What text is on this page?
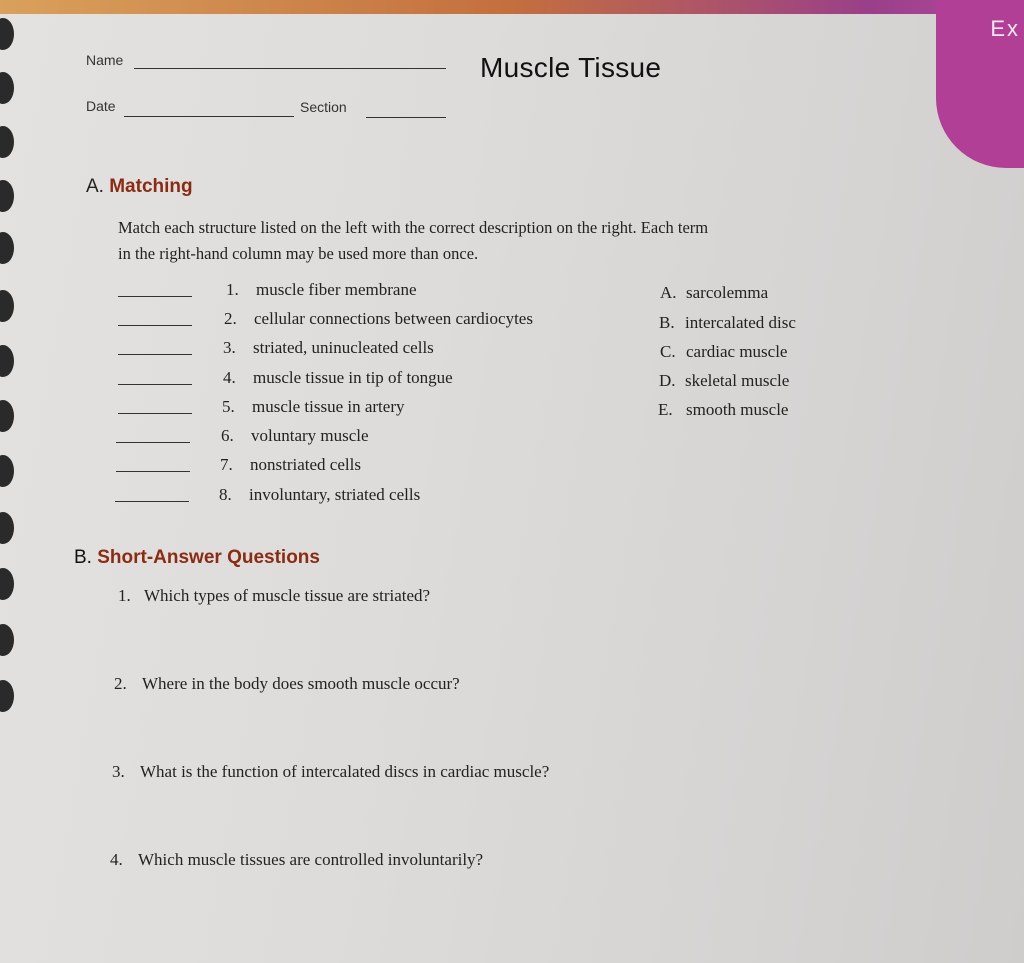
Ex
Name
Date	Section
Muscle Tissue
A. Matching
Match each structure listed on the left with the correct description on the right. Each term
in the right-hand column may be used more than once.
1. muscle fiber membrane
2. cellular connections between cardiocytes
3. striated, uninucleated cells
4. muscle tissue in tip of tongue
5. muscle tissue in artery
6. voluntary muscle
7. nonstriated cells
8. involuntary, striated cells
A. sarcolemma
B. intercalated disc
C. cardiac muscle
D. skeletal muscle
E. smooth muscle
B. Short-Answer Questions
1. Which types of muscle tissue are striated?
2. Where in the body does smooth muscle occur?
3. What is the function of intercalated discs in cardiac muscle?
4. Which muscle tissues are controlled involuntarily?
